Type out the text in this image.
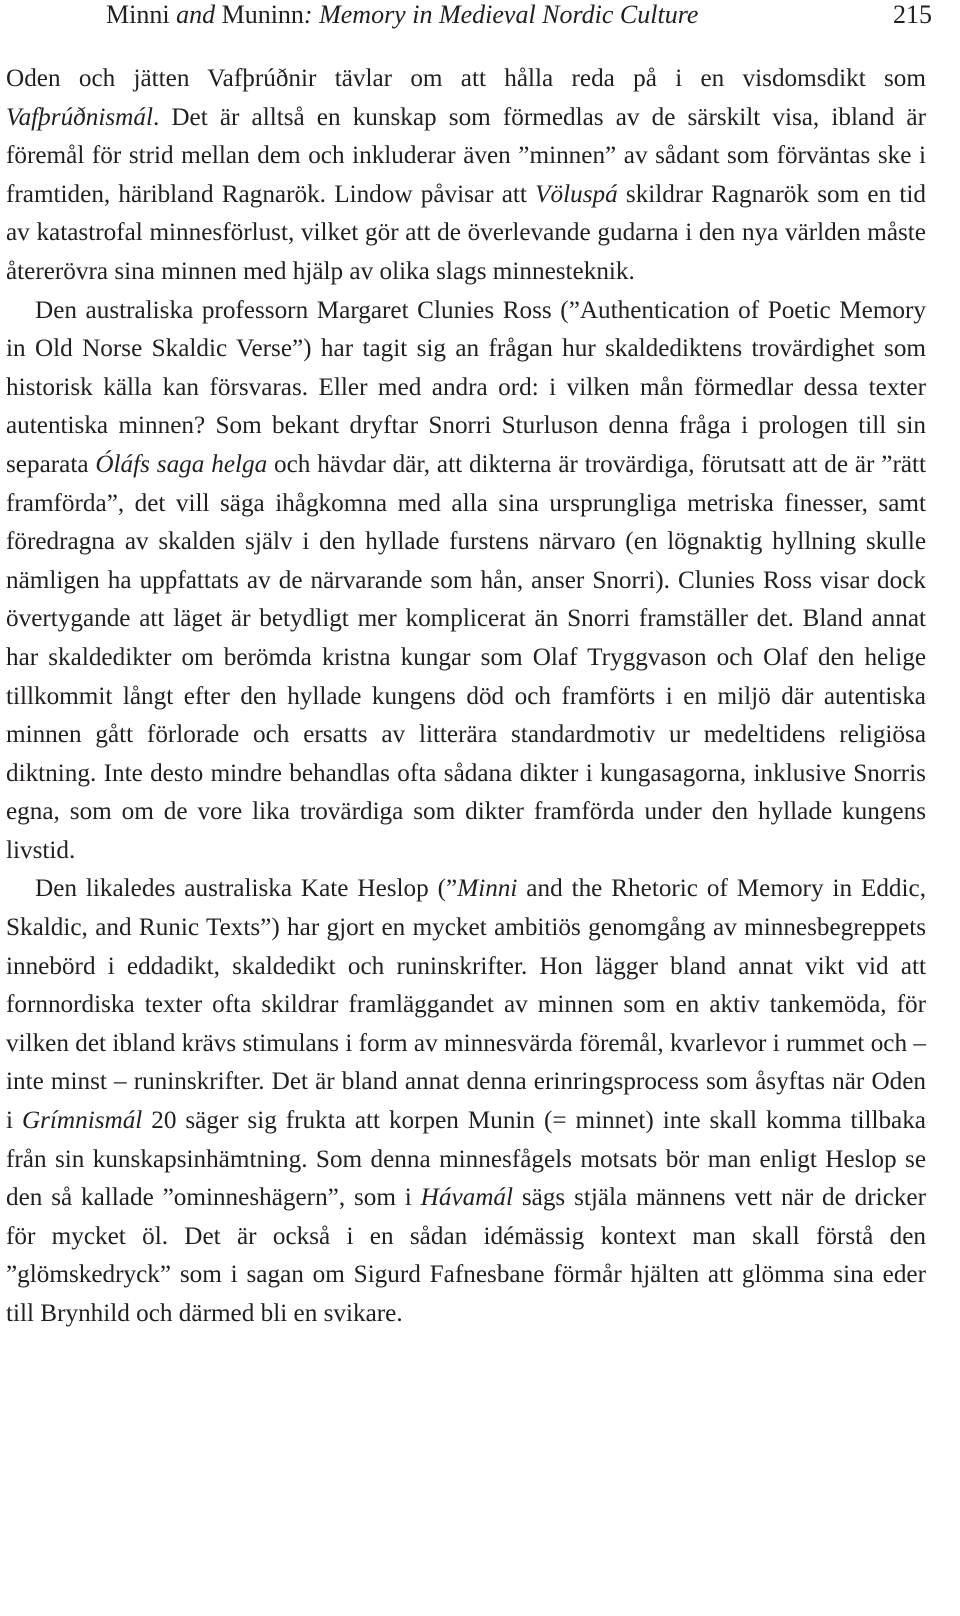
Minni and Muninn: Memory in Medieval Nordic Culture	215

Oden och jätten Vafþrúðnir tävlar om att hålla reda på i en visdomsdikt som Vafþrúðnismál. Det är alltså en kunskap som förmedlas av de särskilt visa, ibland är föremål för strid mellan dem och inkluderar även ”minnen” av sådant som förväntas ske i framtiden, häribland Ragnarök. Lindow påvisar att Völuspá skildrar Ragnarök som en tid av katastrofal minnesförlust, vilket gör att de överlevande gudarna i den nya världen måste återerövra sina minnen med hjälp av olika slags minnesteknik.

Den australiska professorn Margaret Clunies Ross (”Authentication of Poetic Memory in Old Norse Skaldic Verse”) har tagit sig an frågan hur skaldediktens trovärdighet som historisk källa kan försvaras. Eller med andra ord: i vilken mån förmedlar dessa texter autentiska minnen? Som bekant dryftar Snorri Sturluson denna fråga i prologen till sin separata Óláfs saga helga och hävdar där, att dikterna är trovärdiga, förutsatt att de är ”rätt framförda”, det vill säga ihågkomna med alla sina ursprungliga metriska finesser, samt föredragna av skalden själv i den hyllade furstens närvaro (en lögnaktig hyllning skulle nämligen ha uppfattats av de närvarande som hån, anser Snorri). Clunies Ross visar dock övertygande att läget är betydligt mer komplicerat än Snorri framställer det. Bland annat har skaldedikter om berömda kristna kungar som Olaf Tryggvason och Olaf den helige tillkommit långt efter den hyllade kungens död och framförts i en miljö där autentiska minnen gått förlorade och ersatts av litterära standardmotiv ur medeltidens religiösa diktning. Inte desto mindre behandlas ofta sådana dikter i kungasagorna, inklusive Snorris egna, som om de vore lika trovärdiga som dikter framförda under den hyllade kungens livstid.

Den likaledes australiska Kate Heslop (”Minni and the Rhetoric of Memory in Eddic, Skaldic, and Runic Texts”) har gjort en mycket ambitiös genomgång av minnesbegreppets innebörd i eddadikt, skaldedikt och runinskrifter. Hon lägger bland annat vikt vid att fornnordiska texter ofta skildrar framläggandet av minnen som en aktiv tankemöda, för vilken det ibland krävs stimulans i form av minnesvärda föremål, kvarlevor i rummet och – inte minst – runinskrifter. Det är bland annat denna erinringsprocess som åsyftas när Oden i Grímnismál 20 säger sig frukta att korpen Munin (= minnet) inte skall komma tillbaka från sin kunskapsinhämtning. Som denna minnesfågels motsats bör man enligt Heslop se den så kallade ”ominneshägern”, som i Hávamál sägs stjäla männens vett när de dricker för mycket öl. Det är också i en sådan idémässig kontext man skall förstå den ”glömskedryck” som i sagan om Sigurd Fafnesbane förmår hjälten att glömma sina eder till Brynhild och därmed bli en svikare.
